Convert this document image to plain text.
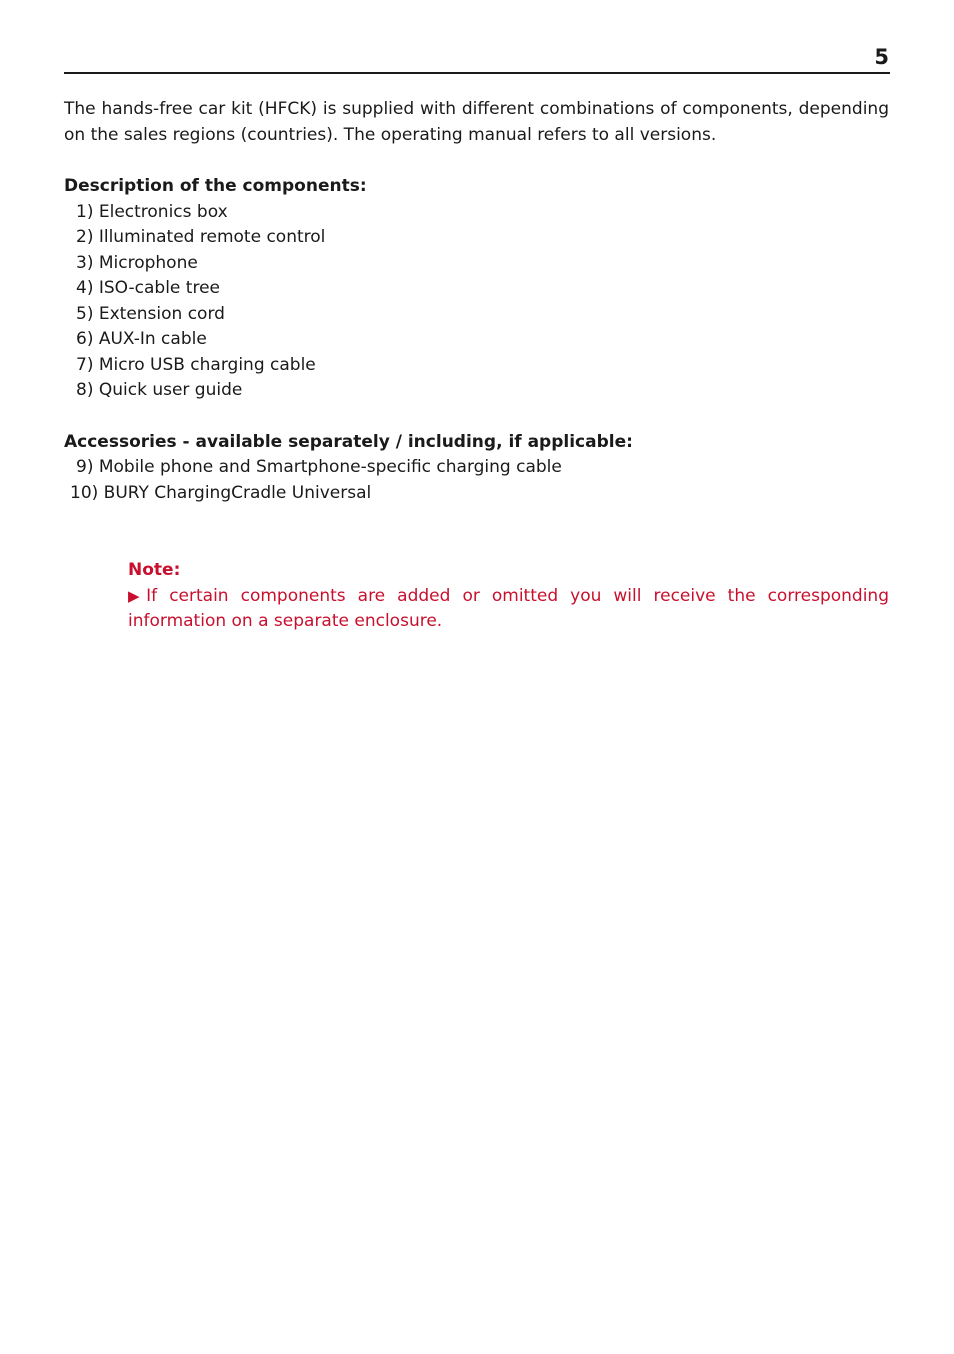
5

The hands-free car kit (HFCK) is supplied with different combinations of components, depending on the sales regions (countries). The operating manual refers to all versions.

Description of the components:
1) Electronics box
2) Illuminated remote control
3) Microphone
4) ISO-cable tree
5) Extension cord
6) AUX-In cable
7) Micro USB charging cable
8) Quick user guide
Accessories - available separately / including, if applicable:
9) Mobile phone and Smartphone-specific charging cable
10) BURY ChargingCradle Universal
Note:

▶If certain components are added or omitted you will receive the corresponding information on a separate enclosure.
